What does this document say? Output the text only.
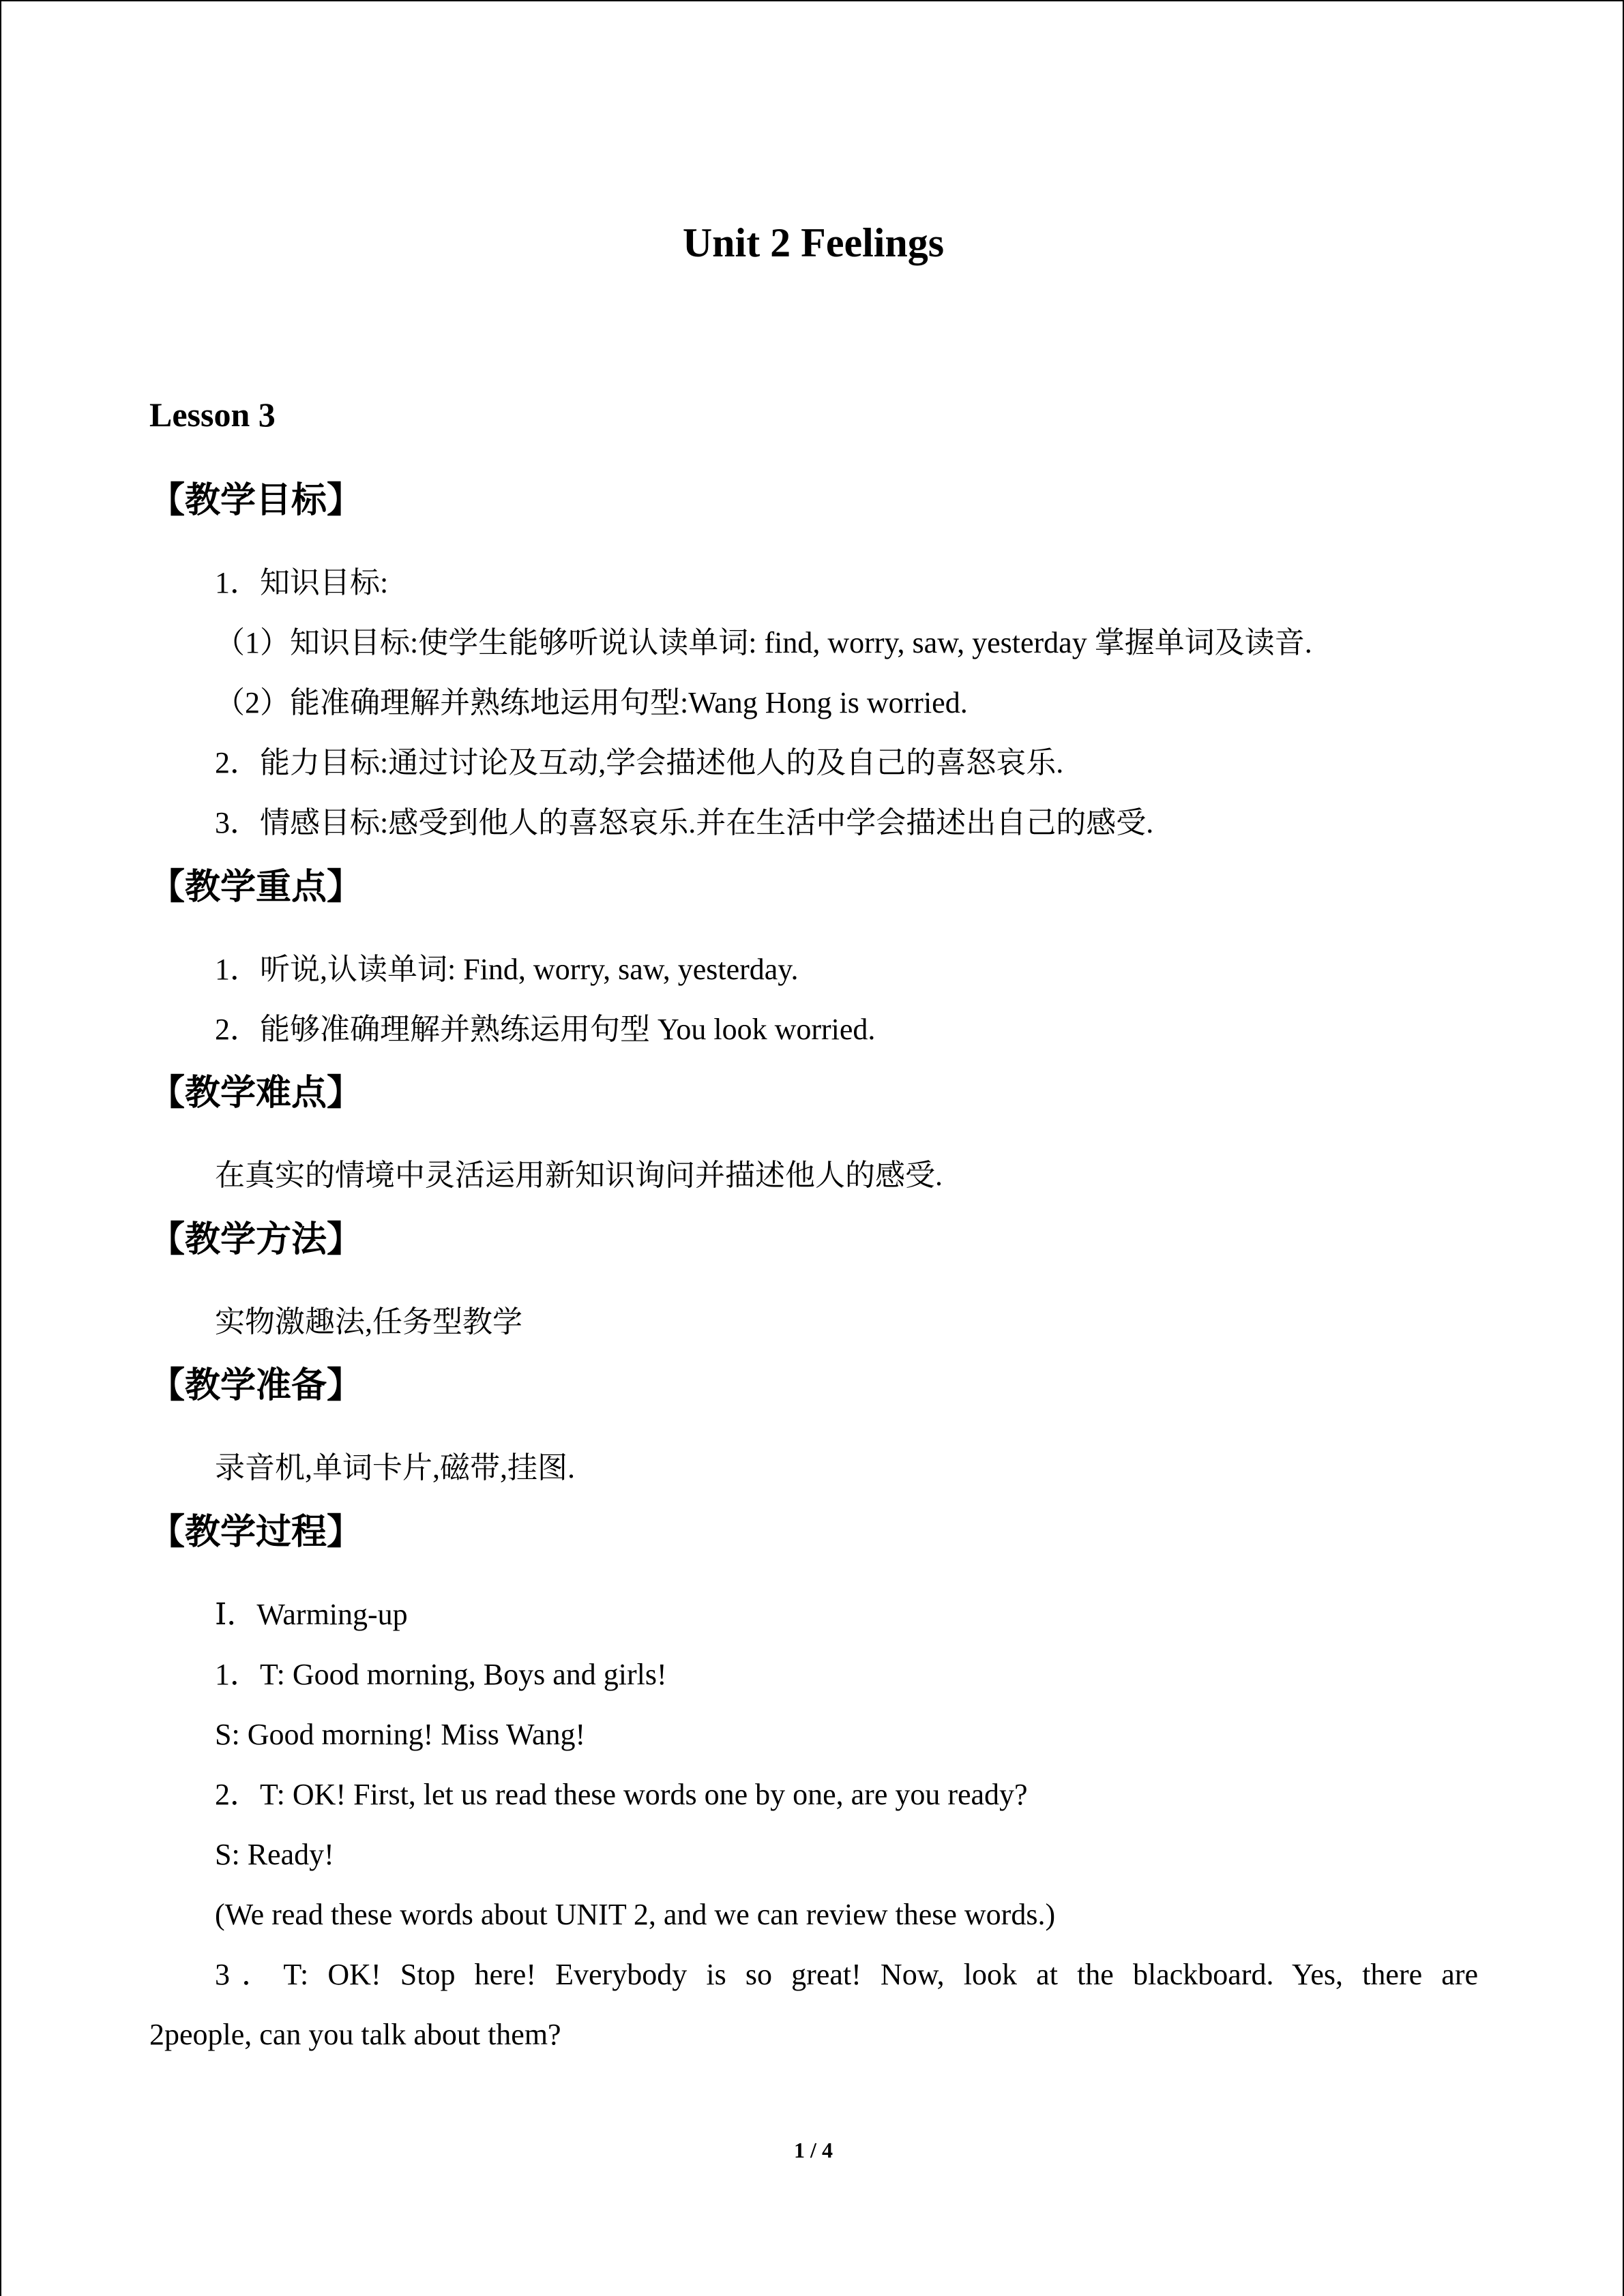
Unit 2 Feelings
Lesson 3
【教学目标】
1．知识目标:
（1）知识目标:使学生能够听说认读单词: find, worry, saw, yesterday 掌握单词及读音.
（2）能准确理解并熟练地运用句型:Wang Hong is worried.
2．能力目标:通过讨论及互动,学会描述他人的及自己的喜怒哀乐.
3．情感目标:感受到他人的喜怒哀乐.并在生活中学会描述出自己的感受.
【教学重点】
1．听说,认读单词: Find, worry, saw, yesterday.
2．能够准确理解并熟练运用句型 You look worried.
【教学难点】
在真实的情境中灵活运用新知识询问并描述他人的感受.
【教学方法】
实物激趣法,任务型教学
【教学准备】
录音机,单词卡片,磁带,挂图.
【教学过程】
Ⅰ．Warming-up
1．T: Good morning, Boys and girls!
S: Good morning! Miss Wang!
2．T: OK! First, let us read these words one by one, are you ready?
S: Ready!
(We read these words about UNIT 2, and we can review these words.)
3．T: OK! Stop here! Everybody is so great! Now, look at the blackboard. Yes, there are
2people, can you talk about them?
1 / 4
